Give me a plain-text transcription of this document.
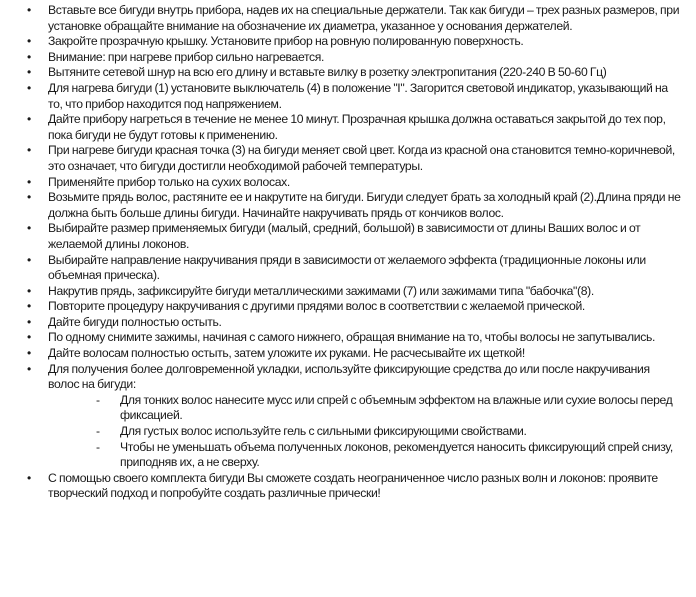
• Вставьте все бигуди внутрь прибора, надев их на специальные держатели. Так как бигуди – трех разных размеров, при установке обращайте внимание на обозначение их диаметра, указанное у основания держателей.
• Закройте прозрачную крышку. Установите прибор на ровную полированную поверхность.
• Внимание: при нагреве прибор сильно нагревается.
• Вытяните сетевой шнур на всю его длину и вставьте вилку в розетку электропитания (220-240 В 50-60 Гц)
• Для нагрева бигуди (1) установите выключатель (4) в положение "I". Загорится световой индикатор, указывающий на то, что прибор находится под напряжением.
• Дайте прибору нагреться в течение не менее 10 минут. Прозрачная крышка должна оставаться закрытой до тех пор, пока бигуди не будут готовы к применению.
• При нагреве бигуди красная точка (3) на бигуди меняет свой цвет. Когда из красной она становится темно-коричневой, это означает, что бигуди достигли необходимой рабочей температуры.
• Применяйте прибор только на сухих волосах.
• Возьмите прядь волос, растяните ее и накрутите на бигуди. Бигуди следует брать за холодный край (2).Длина пряди не должна быть больше длины бигуди. Начинайте накручивать прядь от кончиков волос.
• Выбирайте размер применяемых бигуди (малый, средний, большой) в зависимости от длины Ваших волос и от желаемой длины локонов.
• Выбирайте направление накручивания пряди в зависимости от желаемого эффекта (традиционные локоны или объемная прическа).
• Накрутив прядь, зафиксируйте бигуди металлическими зажимами (7) или зажимами типа "бабочка"(8).
• Повторите процедуру накручивания с другими прядями волос в соответствии с желаемой прической.
• Дайте бигуди полностью остыть.
• По одному снимите зажимы, начиная с самого нижнего, обращая внимание на то, чтобы волосы не запутывались.
• Дайте волосам полностью остыть, затем уложите их руками. Не расчесывайте их щеткой!
• Для получения более долговременной укладки, используйте фиксирующие средства до или после накручивания волос на бигуди:
- Для тонких волос нанесите мусс или спрей с объемным эффектом на влажные или сухие волосы перед фиксацией.
- Для густых волос используйте гель с сильными фиксирующими свойствами.
- Чтобы не уменьшать объема полученных локонов, рекомендуется наносить фиксирующий спрей снизу, приподняв их, а не сверху.
• С помощью своего комплекта бигуди Вы сможете создать неограниченное число разных волн и локонов: проявите творческий подход и попробуйте создать различные прически!
